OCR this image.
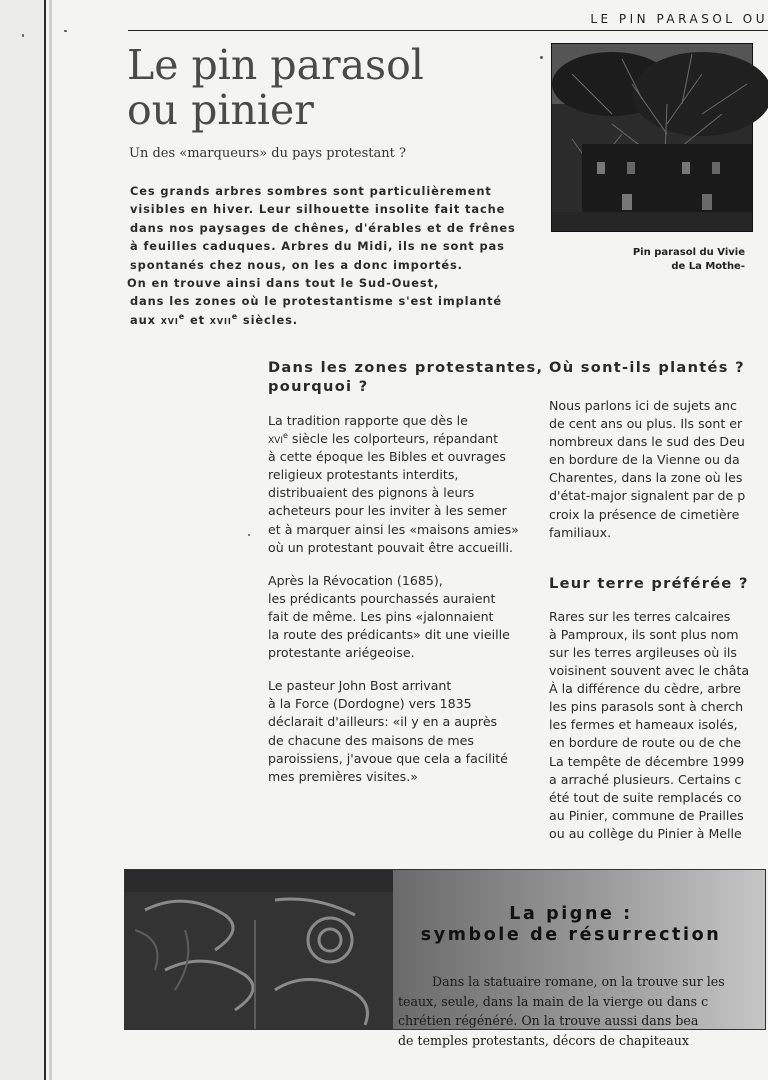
LE PIN PARASOL OU
Le pin parasol
ou pinier
Un des «marqueurs» du pays protestant ?
Ces grands arbres sombres sont particulièrement
visibles en hiver. Leur silhouette insolite fait tache
dans nos paysages de chênes, d'érables et de frênes
à feuilles caduques. Arbres du Midi, ils ne sont pas
spontanés chez nous, on les a donc importés.
On en trouve ainsi dans tout le Sud-Ouest,
dans les zones où le protestantisme s'est implanté
aux xvi$^e$ et xvii$^e$ siècles.
Pin parasol du Vivie
de La Mothe-
Dans les zones protestantes,
pourquoi ?

La tradition rapporte que dès le
xvi$^e$ siècle les colporteurs, répandant
à cette époque les Bibles et ouvrages
religieux protestants interdits,
distribuaient des pignons à leurs
acheteurs pour les inviter à les semer
et à marquer ainsi les «maisons amies»
où un protestant pouvait être accueilli.

Après la Révocation (1685),
les prédicants pourchassés auraient
fait de même. Les pins «jalonnaient
la route des prédicants» dit une vieille
protestante ariégeoise.

Le pasteur John Bost arrivant
à la Force (Dordogne) vers 1835
déclarait d'ailleurs: «il y en a auprès
de chacune des maisons de mes
paroissiens, j'avoue que cela a facilité
mes premières visites.»

Où sont-ils plantés ?

Nous parlons ici de sujets anc
de cent ans ou plus. Ils sont er
nombreux dans le sud des Deu
en bordure de la Vienne ou da
Charentes, dans la zone où les
d'état-major signalent par de p
croix la présence de cimetière
familiaux.

Leur terre préférée ?

Rares sur les terres calcaires
à Pamproux, ils sont plus nom
sur les terres argileuses où ils
voisinent souvent avec le châta
À la différence du cèdre, arbre
les pins parasols sont à cherch
les fermes et hameaux isolés,
en bordure de route ou de che
La tempête de décembre 1999
a arraché plusieurs. Certains c
été tout de suite remplacés co
au Pinier, commune de Prailles
ou au collège du Pinier à Melle

La pigne :
symbole de résurrection
Dans la statuaire romane, on la trouve sur les
teaux, seule, dans la main de la vierge ou dans c
chrétien régénéré. On la trouve aussi dans bea
de temples protestants, décors de chapiteaux
